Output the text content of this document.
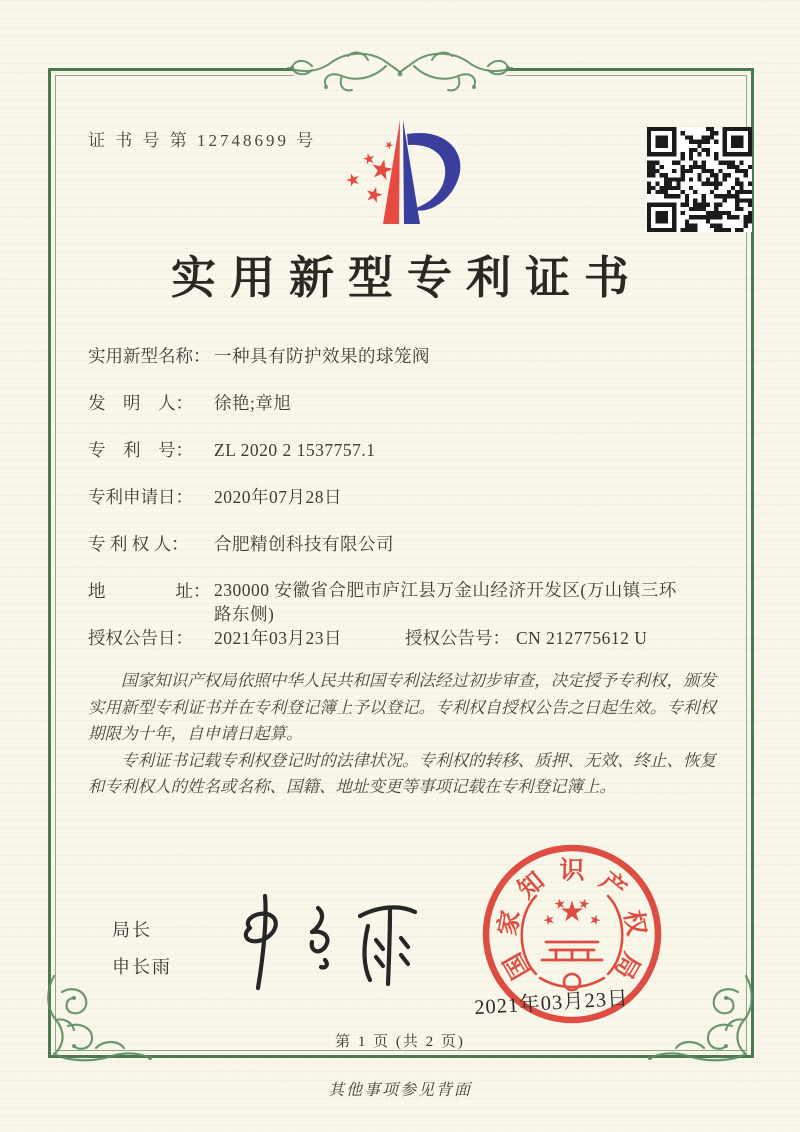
证 书 号 第 12748699 号
实用新型专利证书
实用新型名称： 一种具有防护效果的球笼阀
发　明　人： 徐艳;章旭
专　利　号： ZL 2020 2 1537757.1
专利申请日： 2020年07月28日
专 利 权 人： 合肥精创科技有限公司
地　　　　址： 230000 安徽省合肥市庐江县万金山经济开发区(万山镇三环路东侧)
授权公告日： 2021年03月23日	授权公告号： CN 212775612 U

国家知识产权局依照中华人民共和国专利法经过初步审查，决定授予专利权，颁发实用新型专利证书并在专利登记簿上予以登记。专利权自授权公告之日起生效。专利权期限为十年，自申请日起算。

专利证书记载专利权登记时的法律状况。专利权的转移、质押、无效、终止、恢复和专利权人的姓名或名称、国籍、地址变更等事项记载在专利登记簿上。

局长
申长雨	国
家
知 识 产
权
局
2021年03月23日
第 1 页 (共 2 页)
其他事项参见背面
